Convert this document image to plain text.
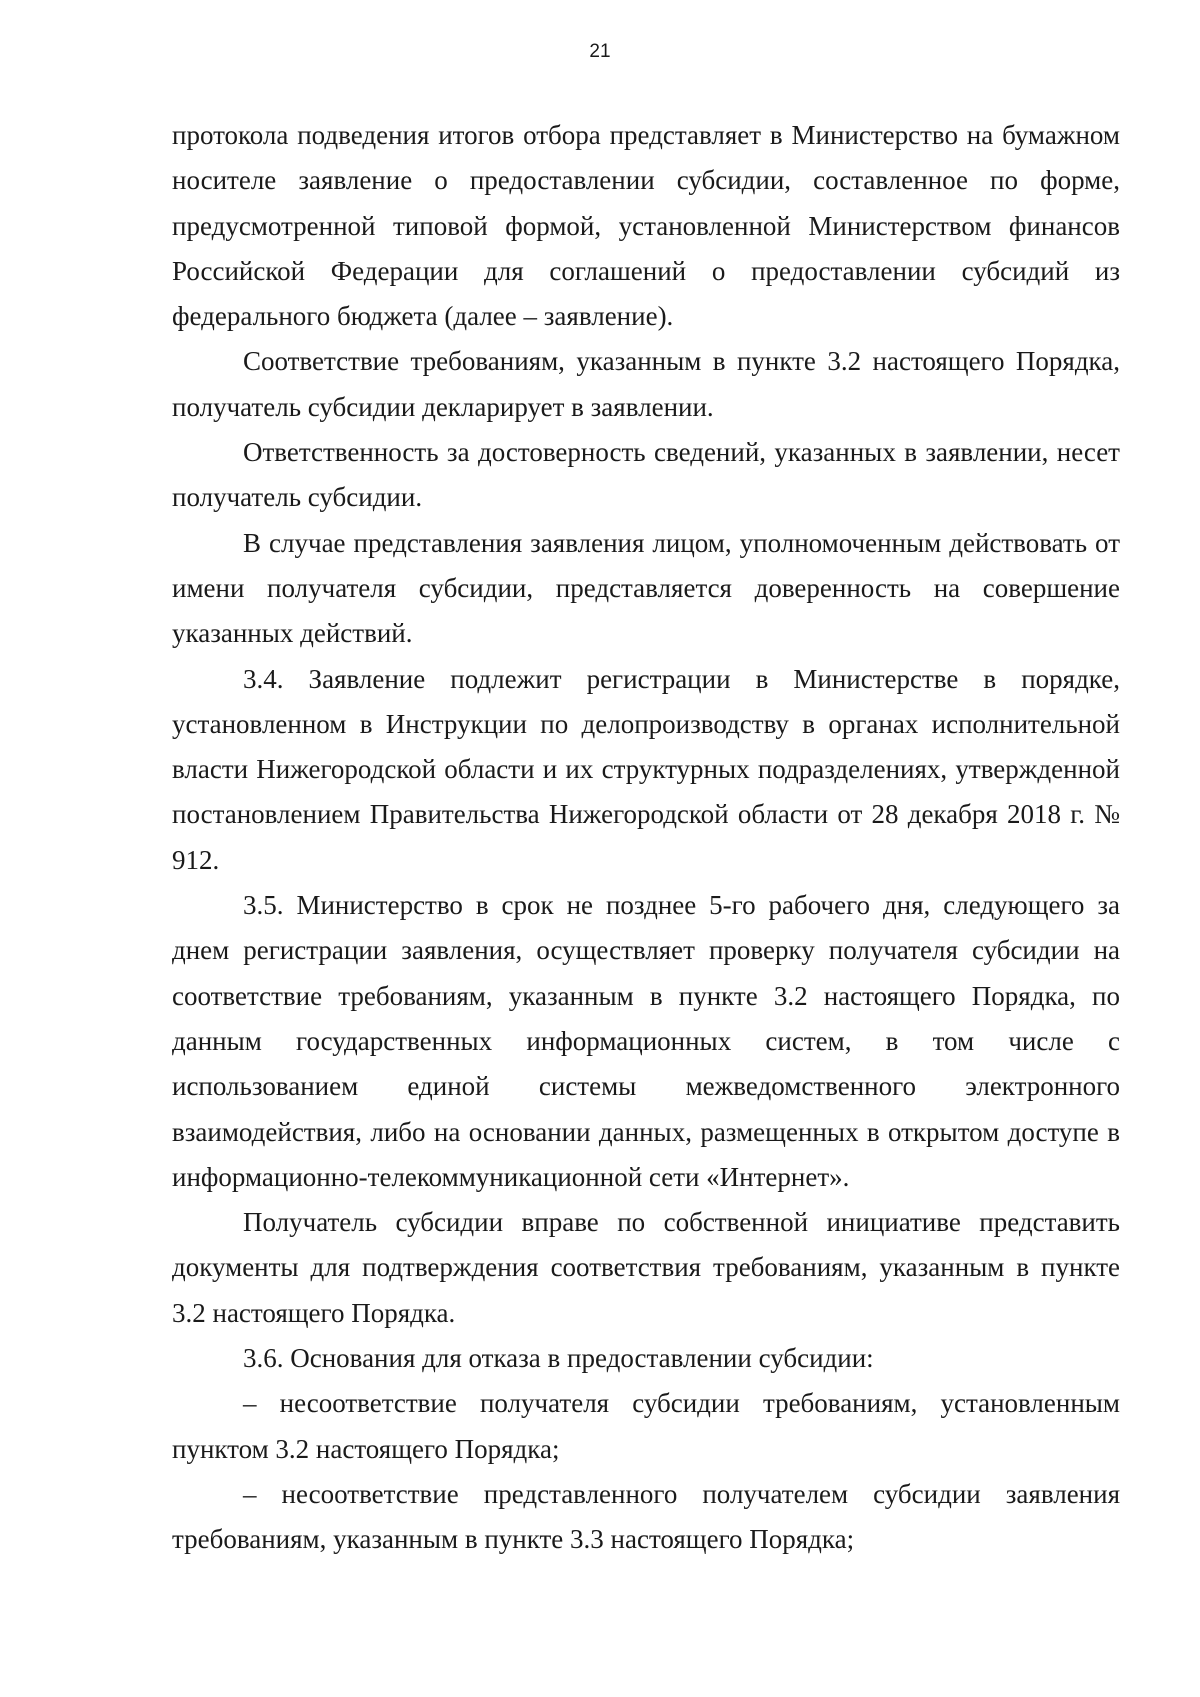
21

протокола подведения итогов отбора представляет в Министерство на бумажном носителе заявление о предоставлении субсидии, составленное по форме, предусмотренной типовой формой, установленной Министерством финансов Российской Федерации для соглашений о предоставлении субсидий из федерального бюджета (далее – заявление).

Соответствие требованиям, указанным в пункте 3.2 настоящего Порядка, получатель субсидии декларирует в заявлении.

Ответственность за достоверность сведений, указанных в заявлении, несет получатель субсидии.

В случае представления заявления лицом, уполномоченным действовать от имени получателя субсидии, представляется доверенность на совершение указанных действий.

3.4. Заявление подлежит регистрации в Министерстве в порядке, установленном в Инструкции по делопроизводству в органах исполнительной власти Нижегородской области и их структурных подразделениях, утвержденной постановлением Правительства Нижегородской области от 28 декабря 2018 г. № 912.

3.5. Министерство в срок не позднее 5-го рабочего дня, следующего за днем регистрации заявления, осуществляет проверку получателя субсидии на соответствие требованиям, указанным в пункте 3.2 настоящего Порядка, по данным государственных информационных систем, в том числе с использованием единой системы межведомственного электронного взаимодействия, либо на основании данных, размещенных в открытом доступе в информационно-телекоммуникационной сети «Интернет».

Получатель субсидии вправе по собственной инициативе представить документы для подтверждения соответствия требованиям, указанным в пункте 3.2 настоящего Порядка.

3.6. Основания для отказа в предоставлении субсидии:

– несоответствие получателя субсидии требованиям, установленным пунктом 3.2 настоящего Порядка;

– несоответствие представленного получателем субсидии заявления требованиям, указанным в пункте 3.3 настоящего Порядка;
